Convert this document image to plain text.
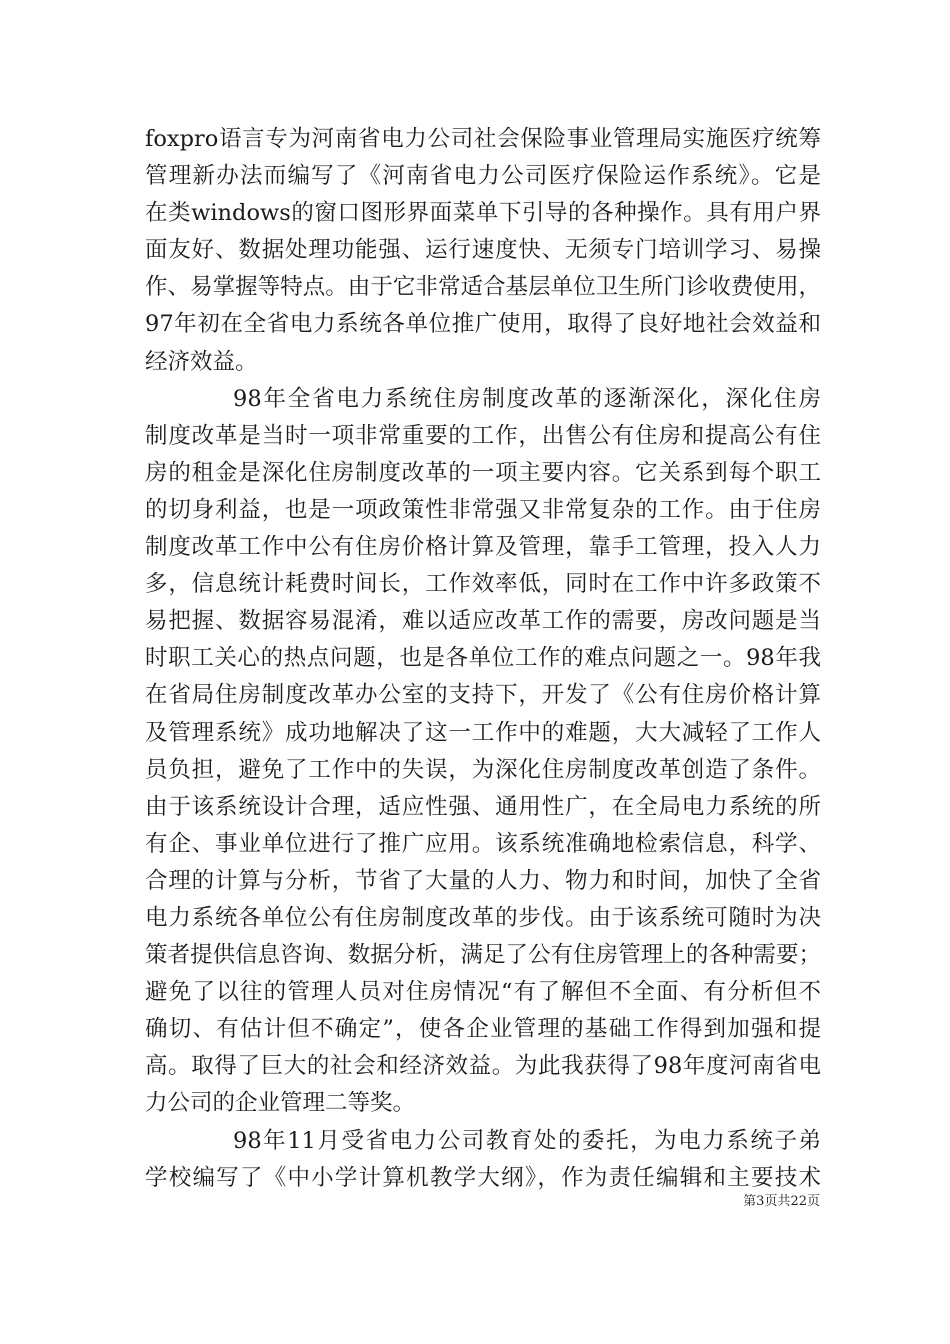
foxpro语言专为河南省电力公司社会保险事业管理局实施医疗统筹
管理新办法而编写了《河南省电力公司医疗保险运作系统》。它是
在类windows的窗口图形界面菜单下引导的各种操作。具有用户界
面友好、数据处理功能强、运行速度快、无须专门培训学习、易操
作、易掌握等特点。由于它非常适合基层单位卫生所门诊收费使用，
97年初在全省电力系统各单位推广使用，取得了良好地社会效益和
经济效益。
98年全省电力系统住房制度改革的逐渐深化，深化住房
制度改革是当时一项非常重要的工作，出售公有住房和提高公有住
房的租金是深化住房制度改革的一项主要内容。它关系到每个职工
的切身利益，也是一项政策性非常强又非常复杂的工作。由于住房
制度改革工作中公有住房价格计算及管理，靠手工管理，投入人力
多，信息统计耗费时间长，工作效率低，同时在工作中许多政策不
易把握、数据容易混淆，难以适应改革工作的需要，房改问题是当
时职工关心的热点问题，也是各单位工作的难点问题之一。98年我
在省局住房制度改革办公室的支持下，开发了《公有住房价格计算
及管理系统》成功地解决了这一工作中的难题，大大减轻了工作人
员负担，避免了工作中的失误，为深化住房制度改革创造了条件。
由于该系统设计合理，适应性强、通用性广，在全局电力系统的所
有企、事业单位进行了推广应用。该系统准确地检索信息，科学、
合理的计算与分析，节省了大量的人力、物力和时间，加快了全省
电力系统各单位公有住房制度改革的步伐。由于该系统可随时为决
策者提供信息咨询、数据分析，满足了公有住房管理上的各种需要；
避免了以往的管理人员对住房情况“有了解但不全面、有分析但不
确切、有估计但不确定”，使各企业管理的基础工作得到加强和提
高。取得了巨大的社会和经济效益。为此我获得了98年度河南省电
力公司的企业管理二等奖。
98年11月受省电力公司教育处的委托，为电力系统子弟
学校编写了《中小学计算机教学大纲》，作为责任编辑和主要技术
第3页共22页
